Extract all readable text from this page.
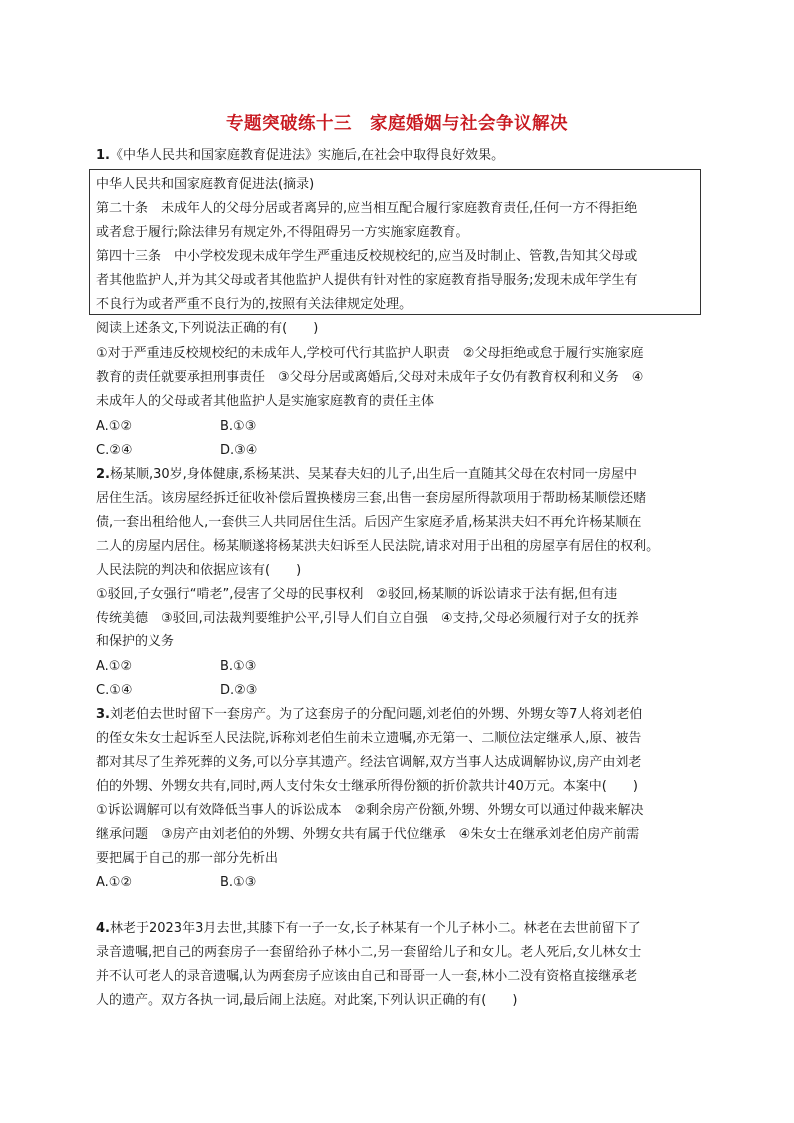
专题突破练十三　家庭婚姻与社会争议解决
1.《中华人民共和国家庭教育促进法》实施后,在社会中取得良好效果。
中华人民共和国家庭教育促进法(摘录)
第二十条　未成年人的父母分居或者离异的,应当相互配合履行家庭教育责任,任何一方不得拒绝
或者怠于履行;除法律另有规定外,不得阻碍另一方实施家庭教育。
第四十三条　中小学校发现未成年学生严重违反校规校纪的,应当及时制止、管教,告知其父母或
者其他监护人,并为其父母或者其他监护人提供有针对性的家庭教育指导服务;发现未成年学生有
不良行为或者严重不良行为的,按照有关法律规定处理。
阅读上述条文,下列说法正确的有(　　)
①对于严重违反校规校纪的未成年人,学校可代行其监护人职责　②父母拒绝或怠于履行实施家庭
教育的责任就要承担刑事责任　③父母分居或离婚后,父母对未成年子女仍有教育权利和义务　④
未成年人的父母或者其他监护人是实施家庭教育的责任主体
A.①②	B.①③
C.②④	D.③④
2.杨某顺,30岁,身体健康,系杨某洪、吴某春夫妇的儿子,出生后一直随其父母在农村同一房屋中
居住生活。该房屋经拆迁征收补偿后置换楼房三套,出售一套房屋所得款项用于帮助杨某顺偿还赌
债,一套出租给他人,一套供三人共同居住生活。后因产生家庭矛盾,杨某洪夫妇不再允许杨某顺在
二人的房屋内居住。杨某顺遂将杨某洪夫妇诉至人民法院,请求对用于出租的房屋享有居住的权利。
人民法院的判决和依据应该有(　　)
①驳回,子女强行“啃老”,侵害了父母的民事权利　②驳回,杨某顺的诉讼请求于法有据,但有违
传统美德　③驳回,司法裁判要维护公平,引导人们自立自强　④支持,父母必须履行对子女的抚养
和保护的义务
A.①②	B.①③
C.①④	D.②③
3.刘老伯去世时留下一套房产。为了这套房子的分配问题,刘老伯的外甥、外甥女等7人将刘老伯
的侄女朱女士起诉至人民法院,诉称刘老伯生前未立遗嘱,亦无第一、二顺位法定继承人,原、被告
都对其尽了生养死葬的义务,可以分享其遗产。经法官调解,双方当事人达成调解协议,房产由刘老
伯的外甥、外甥女共有,同时,两人支付朱女士继承所得份额的折价款共计40万元。本案中(　　)
①诉讼调解可以有效降低当事人的诉讼成本　②剩余房产份额,外甥、外甥女可以通过仲裁来解决
继承问题　③房产由刘老伯的外甥、外甥女共有属于代位继承　④朱女士在继承刘老伯房产前需
要把属于自己的那一部分先析出
A.①②	B.①③
4.林老于2023年3月去世,其膝下有一子一女,长子林某有一个儿子林小二。林老在去世前留下了
录音遗嘱,把自己的两套房子一套留给孙子林小二,另一套留给儿子和女儿。老人死后,女儿林女士
并不认可老人的录音遗嘱,认为两套房子应该由自己和哥哥一人一套,林小二没有资格直接继承老
人的遗产。双方各执一词,最后闹上法庭。对此案,下列认识正确的有(　　)
